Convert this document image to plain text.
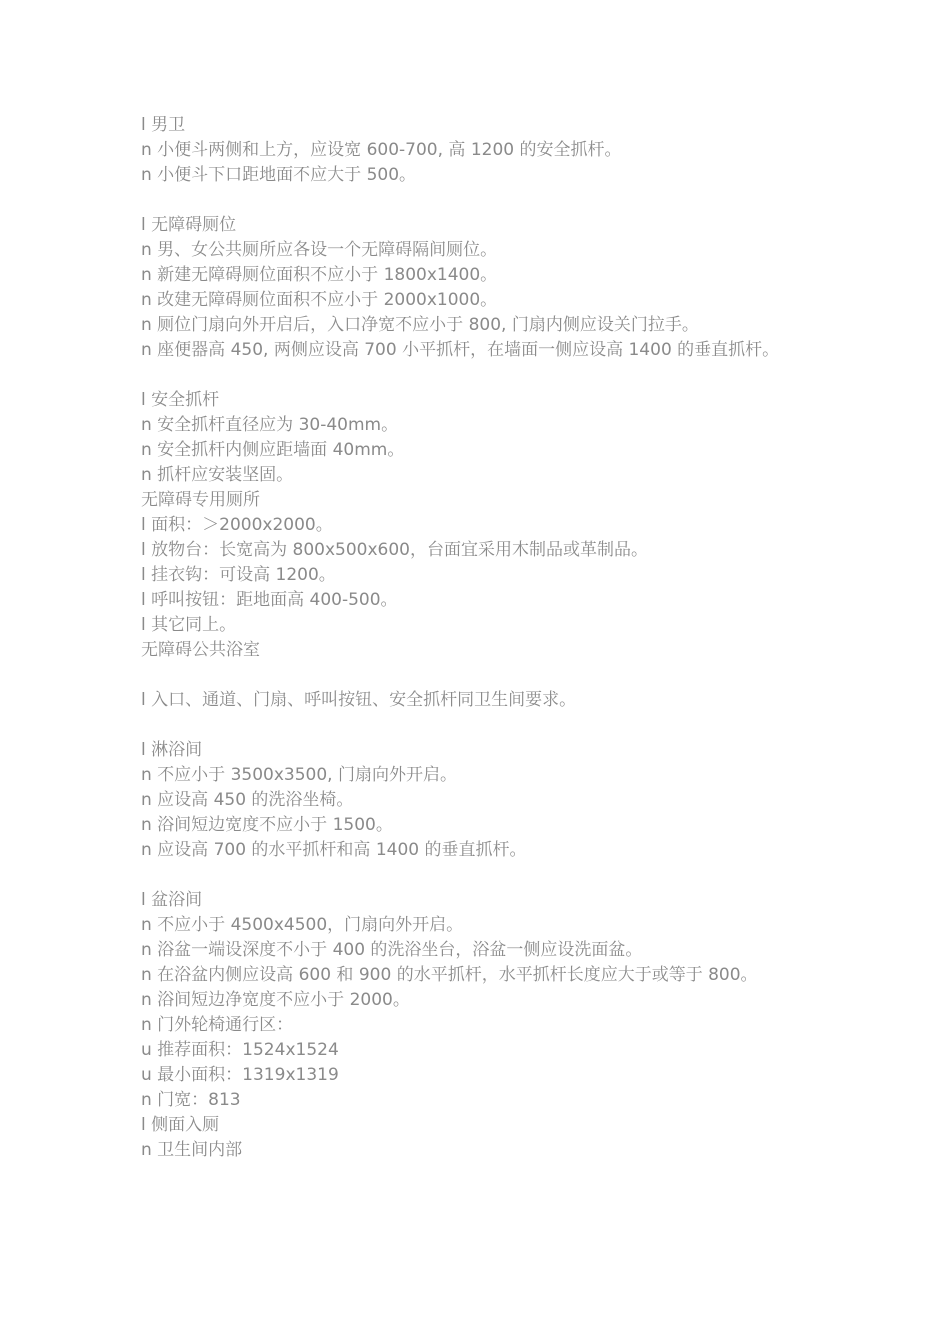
l 男卫
n 小便斗两侧和上方，应设宽 600-700, 高 1200 的安全抓杆。
n 小便斗下口距地面不应大于 500。
l 无障碍厕位
n 男、女公共厕所应各设一个无障碍隔间厕位。
n 新建无障碍厕位面积不应小于 1800x1400。
n 改建无障碍厕位面积不应小于 2000x1000。
n 厕位门扇向外开启后，入口净宽不应小于 800, 门扇内侧应设关门拉手。
n 座便器高 450, 两侧应设高 700 小平抓杆，在墙面一侧应设高 1400 的垂直抓杆。
l 安全抓杆
n 安全抓杆直径应为 30-40mm。
n 安全抓杆内侧应距墙面 40mm。
n 抓杆应安装坚固。
无障碍专用厕所
l 面积：＞2000x2000。
l 放物台：长宽高为 800x500x600，台面宜采用木制品或革制品。
l 挂衣钩：可设高 1200。
l 呼叫按钮：距地面高 400-500。
l 其它同上。
无障碍公共浴室
l 入口、通道、门扇、呼叫按钮、安全抓杆同卫生间要求。
l 淋浴间
n 不应小于 3500x3500, 门扇向外开启。
n 应设高 450 的洗浴坐椅。
n 浴间短边宽度不应小于 1500。
n 应设高 700 的水平抓杆和高 1400 的垂直抓杆。
l 盆浴间
n 不应小于 4500x4500，门扇向外开启。
n 浴盆一端设深度不小于 400 的洗浴坐台，浴盆一侧应设洗面盆。
n 在浴盆内侧应设高 600 和 900 的水平抓杆，水平抓杆长度应大于或等于 800。
n 浴间短边净宽度不应小于 2000。
n 门外轮椅通行区：
u 推荐面积：1524x1524
u 最小面积：1319x1319
n 门宽：813
l 侧面入厕
n 卫生间内部
